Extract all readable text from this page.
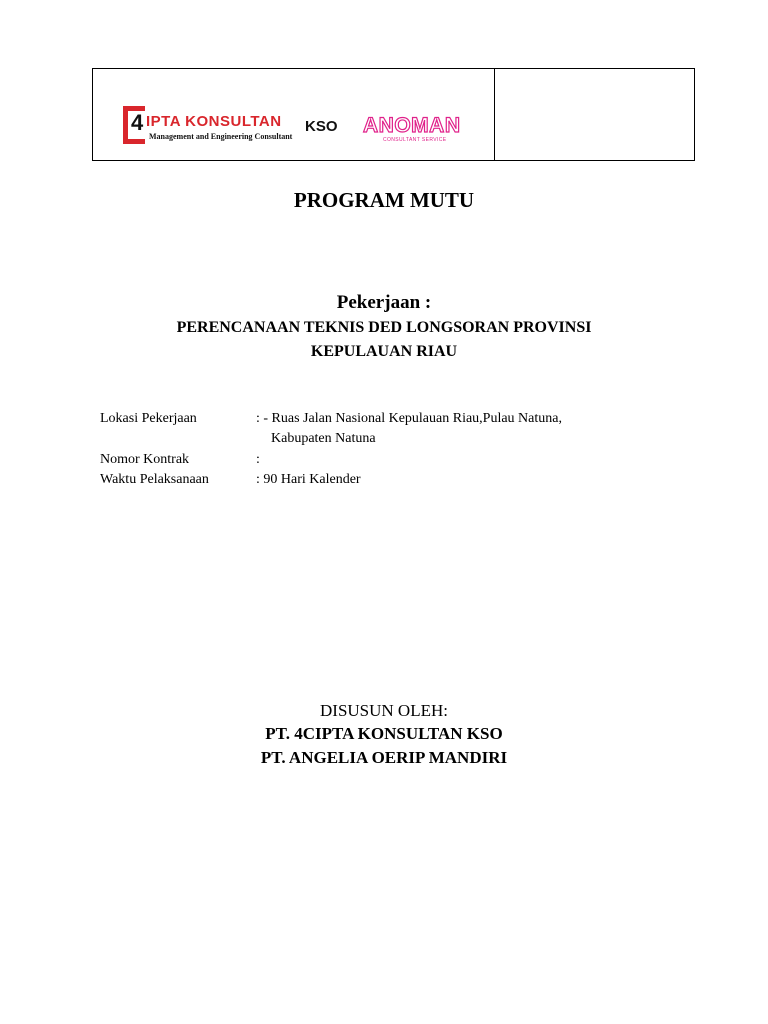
4 IPTA KONSULTAN
Management and Engineering Consultant
KSO ANOMAN
CONSULTANT SERVICE
PROGRAM MUTU
Pekerjaan :
PERENCANAAN TEKNIS DED LONGSORAN PROVINSI
KEPULAUAN RIAU
Lokasi Pekerjaan	: - Ruas Jalan Nasional Kepulauan Riau,Pulau Natuna,
Kabupaten Natuna
Nomor Kontrak	:
Waktu Pelaksanaan	: 90 Hari Kalender
DISUSUN OLEH:
PT. 4CIPTA KONSULTAN KSO
PT. ANGELIA OERIP MANDIRI
